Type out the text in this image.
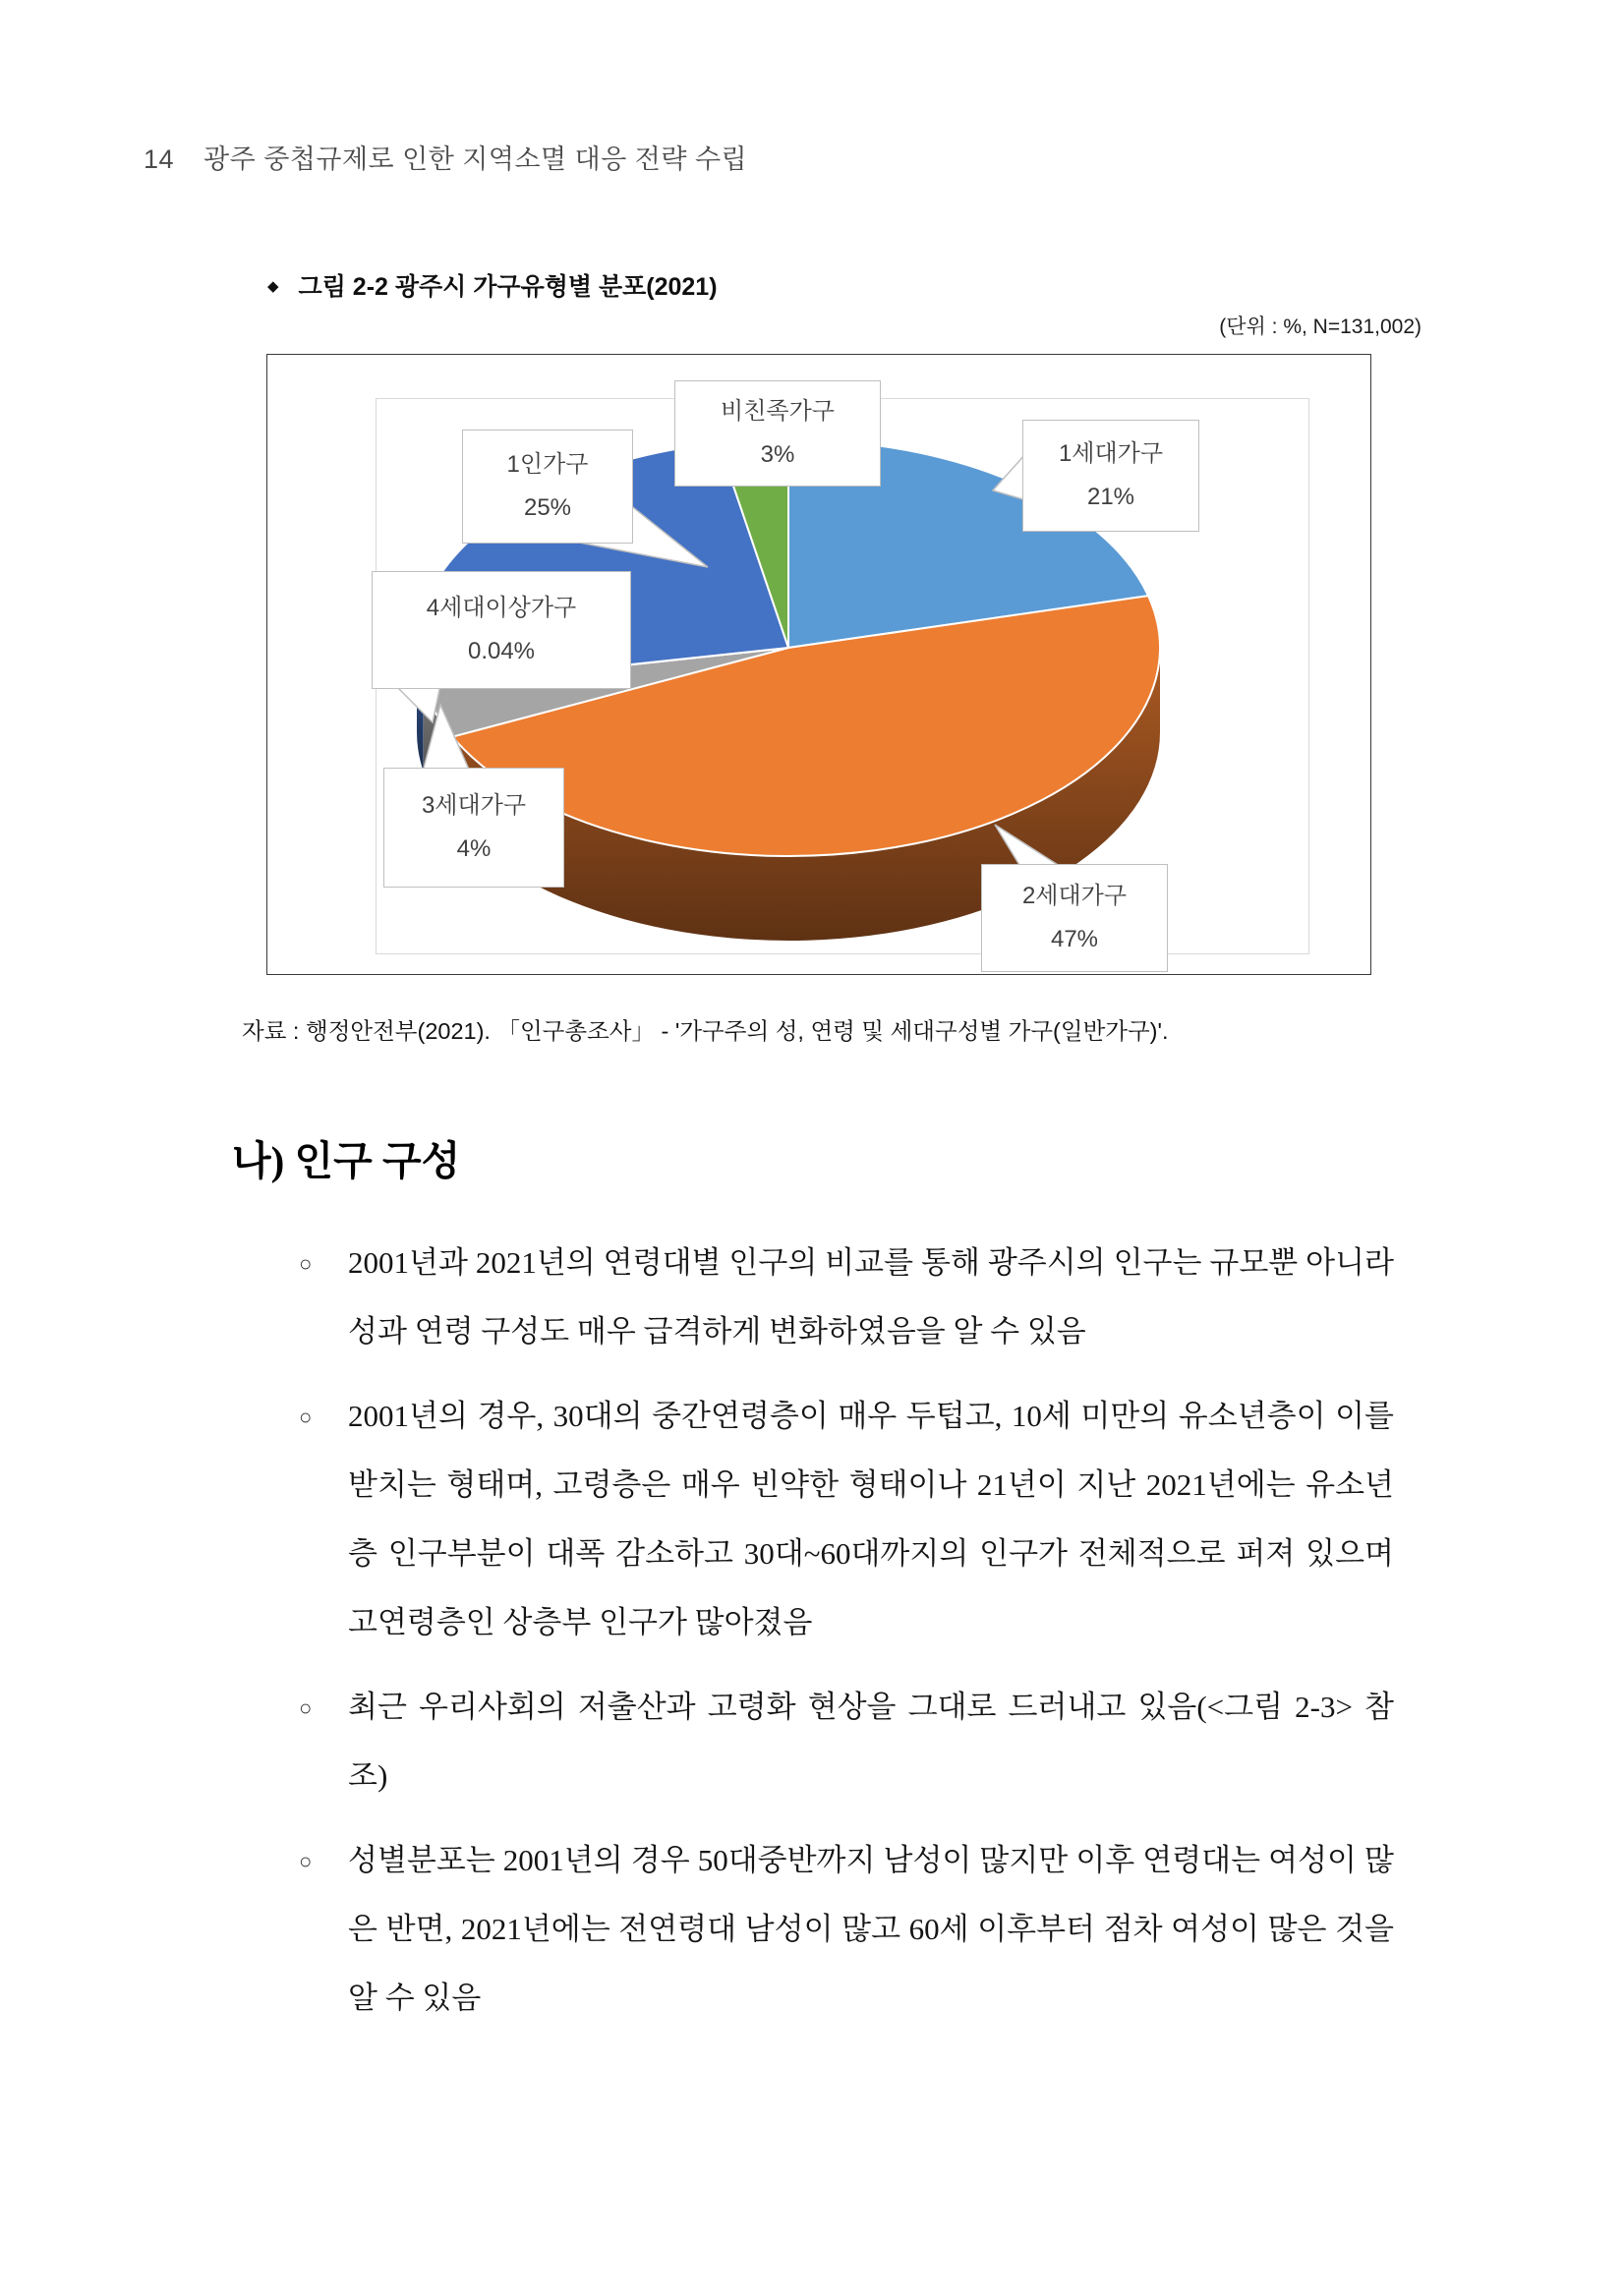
14 광주 중첩규제로 인한 지역소멸 대응 전략 수립
◆ 그림 2-2 광주시 가구유형별 분포(2021)
(단위 : %, N=131,002)
1세대가구
21%
2세대가구
47%
3세대가구
4%
4세대이상가구
0.04%
1인가구
25%
비친족가구
3%
자료 : 행정안전부(2021). 「인구총조사」 - '가구주의 성, 연령 및 세대구성별 가구(일반가구)'.
나) 인구 구성
○ 2001년과 2021년의 연령대별 인구의 비교를 통해 광주시의 인구는 규모뿐 아니라 성과 연령 구성도 매우 급격하게 변화하였음을 알 수 있음
○ 2001년의 경우, 30대의 중간연령층이 매우 두텁고, 10세 미만의 유소년층이 이를 받치는 형태며, 고령층은 매우 빈약한 형태이나 21년이 지난 2021년에는 유소년층 인구부분이 대폭 감소하고 30대~60대까지의 인구가 전체적으로 퍼져 있으며 고연령층인 상층부 인구가 많아졌음
○ 최근 우리사회의 저출산과 고령화 현상을 그대로 드러내고 있음(<그림 2-3> 참조)
○ 성별분포는 2001년의 경우 50대중반까지 남성이 많지만 이후 연령대는 여성이 많은 반면, 2021년에는 전연령대 남성이 많고 60세 이후부터 점차 여성이 많은 것을 알 수 있음
